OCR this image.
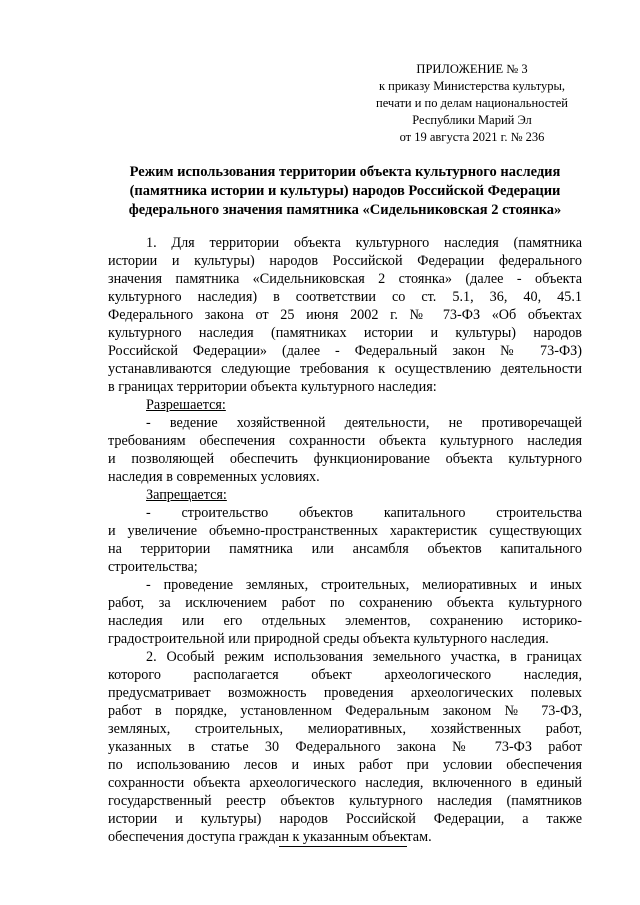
ПРИЛОЖЕНИЕ № 3
к приказу Министерства культуры,
печати и по делам национальностей
Республики Марий Эл
от 19 августа 2021 г. № 236
Режим использования территории объекта культурного наследия
(памятника истории и культуры) народов Российской Федерации
федерального значения памятника «Сидельниковская 2 стоянка»
1. Для территории объекта культурного наследия (памятника
истории и культуры) народов Российской Федерации федерального
значения памятника «Сидельниковская 2 стоянка» (далее - объекта
культурного наследия) в соответствии со ст. 5.1, 36, 40, 45.1
Федерального закона от 25 июня 2002 г. № 73-ФЗ «Об объектах
культурного наследия (памятниках истории и культуры) народов
Российской Федерации» (далее - Федеральный закон № 73-ФЗ)
устанавливаются следующие требования к осуществлению деятельности
в границах территории объекта культурного наследия:
Разрешается:
- ведение хозяйственной деятельности, не противоречащей
требованиям обеспечения сохранности объекта культурного наследия
и позволяющей обеспечить функционирование объекта культурного
наследия в современных условиях.
Запрещается:
- строительство объектов капитального строительства
и увеличение объемно-пространственных характеристик существующих
на территории памятника или ансамбля объектов капитального
строительства;
- проведение земляных, строительных, мелиоративных и иных
работ, за исключением работ по сохранению объекта культурного
наследия или его отдельных элементов, сохранению историко-
градостроительной или природной среды объекта культурного наследия.
2. Особый режим использования земельного участка, в границах
которого располагается объект археологического наследия,
предусматривает возможность проведения археологических полевых
работ в порядке, установленном Федеральным законом № 73-ФЗ,
земляных, строительных, мелиоративных, хозяйственных работ,
указанных в статье 30 Федерального закона № 73-ФЗ работ
по использованию лесов и иных работ при условии обеспечения
сохранности объекта археологического наследия, включенного в единый
государственный реестр объектов культурного наследия (памятников
истории и культуры) народов Российской Федерации, а также
обеспечения доступа граждан к указанным объектам.
